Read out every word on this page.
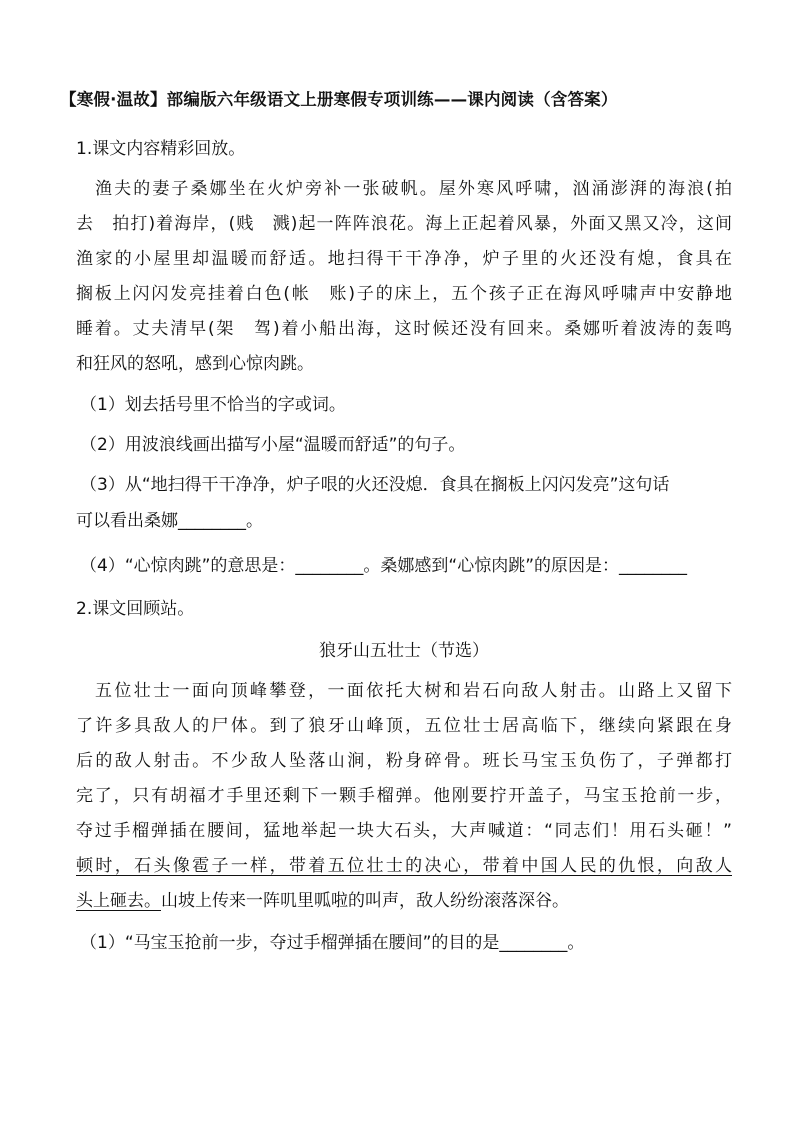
【寒假·温故】部编版六年级语文上册寒假专项训练——课内阅读（含答案）
1.课文内容精彩回放。
渔夫的妻子桑娜坐在火炉旁补一张破帆。屋外寒风呼啸，汹涌澎湃的海浪(拍
去　拍打)着海岸，(贱　溅)起一阵阵浪花。海上正起着风暴，外面又黑又冷，这间
渔家的小屋里却温暖而舒适。地扫得干干净净，炉子里的火还没有熄，食具在
搁板上闪闪发亮挂着白色(帐　账)子的床上，五个孩子正在海风呼啸声中安静地
睡着。丈夫清早(架　驾)着小船出海，这时候还没有回来。桑娜听着波涛的轰鸣
和狂风的怒吼，感到心惊肉跳。
（1）划去括号里不恰当的字或词。
（2）用波浪线画出描写小屋“温暖而舒适”的句子。
（3）从“地扫得干干净净，炉子哏的火还没熄．食具在搁板上闪闪发亮”这句话
可以看出桑娜________。
（4）“心惊肉跳”的意思是：________。桑娜感到“心惊肉跳”的原因是：________
2.课文回顾站。
狼牙山五壮士（节选）
五位壮士一面向顶峰攀登，一面依托大树和岩石向敌人射击。山路上又留下
了许多具敌人的尸体。到了狼牙山峰顶，五位壮士居高临下，继续向紧跟在身
后的敌人射击。不少敌人坠落山涧，粉身碎骨。班长马宝玉负伤了，子弹都打
完了，只有胡福才手里还剩下一颗手榴弹。他刚要拧开盖子，马宝玉抢前一步，
夺过手榴弹插在腰间，猛地举起一块大石头，大声喊道：“同志们！用石头砸！”
顿时，石头像雹子一样，带着五位壮士的决心，带着中国人民的仇恨，向敌人
头上砸去。山坡上传来一阵叽里呱啦的叫声，敌人纷纷滚落深谷。
（1）“马宝玉抢前一步，夺过手榴弹插在腰间”的目的是________。
